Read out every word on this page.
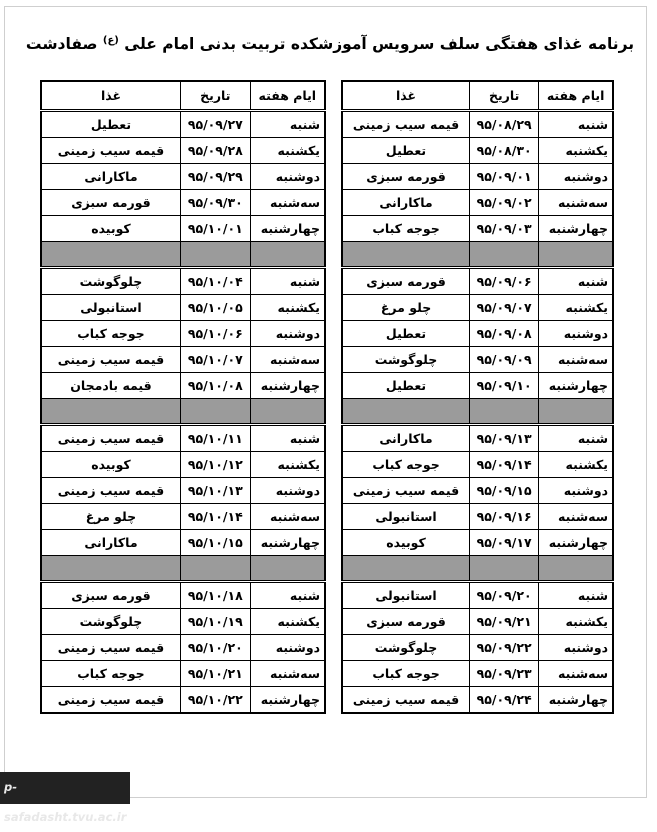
برنامه غذای هفتگی سلف سرویس آموزشکده تربیت بدنی امام علی $^{(ع)}$ صفادشت
ایام هفته	تاریخ	غذا
شنبه	۹۵/۰۸/۲۹	قیمه سیب زمینی
یکشنبه	۹۵/۰۸/۳۰	تعطیل
دوشنبه	۹۵/۰۹/۰۱	قورمه سبزی
سه‌شنبه	۹۵/۰۹/۰۲	ماکارانی
چهارشنبه	۹۵/۰۹/۰۳	جوجه کباب

شنبه	۹۵/۰۹/۰۶	قورمه سبزی
یکشنبه	۹۵/۰۹/۰۷	چلو مرغ
دوشنبه	۹۵/۰۹/۰۸	تعطیل
سه‌شنبه	۹۵/۰۹/۰۹	چلوگوشت
چهارشنبه	۹۵/۰۹/۱۰	تعطیل

شنبه	۹۵/۰۹/۱۳	ماکارانی
یکشنبه	۹۵/۰۹/۱۴	جوجه کباب
دوشنبه	۹۵/۰۹/۱۵	قیمه سیب زمینی
سه‌شنبه	۹۵/۰۹/۱۶	استانبولی
چهارشنبه	۹۵/۰۹/۱۷	کوبیده

شنبه	۹۵/۰۹/۲۰	استانبولی
یکشنبه	۹۵/۰۹/۲۱	قورمه سبزی
دوشنبه	۹۵/۰۹/۲۲	چلوگوشت
سه‌شنبه	۹۵/۰۹/۲۳	جوجه کباب
چهارشنبه	۹۵/۰۹/۲۴	قیمه سیب زمینی
ایام هفته	تاریخ	غذا
شنبه	۹۵/۰۹/۲۷	تعطیل
یکشنبه	۹۵/۰۹/۲۸	قیمه سیب زمینی
دوشنبه	۹۵/۰۹/۲۹	ماکارانی
سه‌شنبه	۹۵/۰۹/۳۰	قورمه سبزی
چهارشنبه	۹۵/۱۰/۰۱	کوبیده

شنبه	۹۵/۱۰/۰۴	چلوگوشت
یکشنبه	۹۵/۱۰/۰۵	استانبولی
دوشنبه	۹۵/۱۰/۰۶	جوجه کباب
سه‌شنبه	۹۵/۱۰/۰۷	قیمه سیب زمینی
چهارشنبه	۹۵/۱۰/۰۸	قیمه بادمجان

شنبه	۹۵/۱۰/۱۱	قیمه سیب زمینی
یکشنبه	۹۵/۱۰/۱۲	کوبیده
دوشنبه	۹۵/۱۰/۱۳	قیمه سیب زمینی
سه‌شنبه	۹۵/۱۰/۱۴	چلو مرغ
چهارشنبه	۹۵/۱۰/۱۵	ماکارانی

شنبه	۹۵/۱۰/۱۸	قورمه سبزی
یکشنبه	۹۵/۱۰/۱۹	چلوگوشت
دوشنبه	۹۵/۱۰/۲۰	قیمه سیب زمینی
سه‌شنبه	۹۵/۱۰/۲۱	جوجه کباب
چهارشنبه	۹۵/۱۰/۲۲	قیمه سیب زمینی
p-safadasht.tvu.ac.ir
